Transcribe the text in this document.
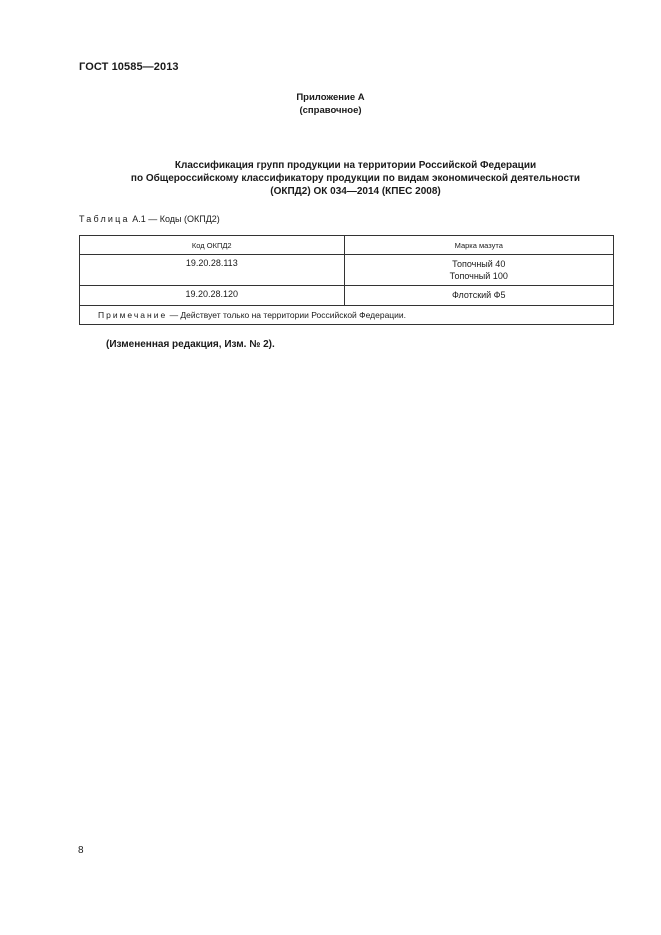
ГОСТ 10585—2013
Приложение А
(справочное)
Классификация групп продукции на территории Российской Федерации
по Общероссийскому классификатору продукции по видам экономической деятельности
(ОКПД2) ОК 034—2014 (КПЕС 2008)
Таблица А.1 — Коды (ОКПД2)
Код ОКПД2	Марка мазута
19.20.28.113	Топочный 40
Топочный 100

19.20.28.120	Флотский Ф5

Примечание — Действует только на территории Российской Федерации.	
(Измененная редакция, Изм. № 2).
8
